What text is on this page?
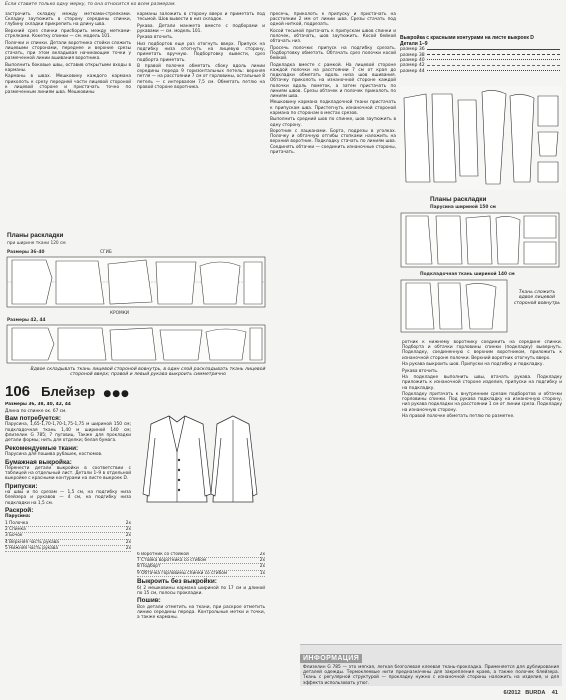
Если ставите только одну мерку, то она относится ко всем размерам.

застрочить складку между метками-стрелками. Складку заутюжить в сторону середины спинки, глубину складки прикрепить на длину шва.

Верхний срез спинки присборить между метками-стрелками. Кокетку спинки — см. модель 101.

Полочки и спинки. Детали воротника стойки сложить лицевыми сторонами, переднее и верхние срезы стачать, при этом вкладывая начинающие точки у размеченной линии вшивания воротника.

Выполнить боковые швы, оставив открытыми входы в карманы.

Карманы в швах. Мешковину каждого кармана приколоть к срезу передней части лицевой стороной к лицевой стороне и пристачать точно по размеченным линиям шва. Мешковины

карманы заложить в сторону вверх и приметать под тесьмой. Шов вывести в низ складок.

Рукава. Детали манжета вместе с подборами и рукавами — см. модель 101.

Рукава вточить.

Низ подбортов еще раз отогнуть вверх. Припуск на подгибку низа отогнуть на лицевую сторону, приметать вручную. Подбортовку вывести, срез подборта приметать.

В правой полочке обметать сбоку вдоль линии середины переда 9 горизонтальных петель: верхняя петля — на расстоянии 7 см от горловины, остальные 8 петель — с интервалом 7,5 см. Обметать петлю на правой стороне воротника.

Планы раскладки
при ширине ткани 120 см
Размеры 36–40	СГИБ
КРОМКИ
Размеры 42, 44
Вдвое складывать ткань лицевой стороной вовнутрь, в один слой раскладывать ткань лицевой стороной вверх; правой и левый рукава выкроить симметрично
106 Блейзер ●●●

Размеры 36, 38, 40, 42, 44

Длина по спинке ок. 67 см.

Вам потребуется:

Парусина, 1,65-1,70-1,70-1,75-1,75 м шириной 150 см; подкладочная ткань 1,40 м шириной 140 см; флизелин G 785; 7 пуговиц. Также для прокладки детали формы; нить для отделки; белая бумага.

Рекомендуемые ткани:

Парусина для пошива рубашек, костюмов.

Бумажная выкройка:

Перенести детали выкройки в соответствии с таблицей на отдельный лист. Детали 1–9 в отдельной выкройке с красными контурами на листе выкроек D.

Припуски:

на швы и по срезам — 1,5 см, на подгибку низа блейзера и рукавов — 4 см, на подгибку низа подкладки на 1,5 см.

Раскрой:

Парусина:

1 Полочка	2x
2 Спинка	2x
3 Бочок	2x
4 Верхняя часть рукава	2x
5 Нижняя часть рукава	2x
6 Воротник со стойкой	2x
7 Стойка воротника со сгибом	2x
8 Подборт	2x
9 Обтачка горловины спинки со сгибом	1x
Выкроить без выкройки:

б) 2 мешковины кармана шириной по 17 см и длиной по 15 см, полосы прокладки.

Пошив:

Все детали отметить на ткани, при раскрое отметить линию середины переда. Контрольные метки и точки, а также карманы.

пресечь, приколоть к припуску и пристачать на расстоянии 2 мм от линии шва. Срезы стачать под одной ниткой, подрезать.

Косой тесьмой притачать к припускам швов спинки и полочек, обтачать, шов заутюжить. Косой бейкой обтачать низ.

Просечь полочки: припуск на подгибку срезать. Подбортовку обметать. Обтачать срез полочки косой бейкой.

Подкладка вместе с рамкой. На лицевой стороне каждой полочки на расстоянии 7 см от края до подкладки обметать вдоль низа шов вшивания. Обтачку приколоть на изнаночной стороне каждой полочки вдоль пометок, а затем пристачать по линиям швов. Срезы обтачек и полочек приколоть по линиям шва.

Мешковину кармана подкладочной ткани пристачать к припускам шва. Пристегнуть изнаночной стороной кармана по сторонам в местах срезов.

Выполнить средний шов по спинке, шов заутюжить в одну сторону.

Воротник с лацканами. Борта, подрезы в уголках. Полочку и обтачную отгибы стопками наложить на верхний воротник. Подкладку стачать по линиям шва. Соединять обтачки — соединить изнаночные стороны, притачать.

Выкройка с красными контурами на листе выкроек D
Детали 1–9
размер 36
размер 38
размер 40
размер 42
размер 44
Планы раскладки
Парусина шириной 150 см
Подкладочная ткань шириной 140 см
Ткань сложить вдвое лицевой стороной вовнутрь

ротник к нижнему воротнику соединить на середине спинки. Подборта и обтачки горловины спинки (подкладку) вывернуть. Подкладку, соединенную с верхним воротником, приложить к изнаночной стороне полочки. Верхний воротник отогнуть вверх.

На рукава выкроить шов. Припуски на подгибку и подкладку.

Рукава вточить.

На подкладке выполнить швы, втачать рукава. Подкладку приложить к изнаночной стороне изделия, припуски на подгибку и на подкладку.

Подкладку притачать к внутренним срезам подборотов и обтачки горловины спинки. Под рукава подкладку на изнаночную сторону, низ рукава подкладки на расстоянии 1 см от линии среза. Подкладку на изнаночную сторону.

На правой полочке обметать петлю по разметке.

ИНФОРМАЦИЯ

Флизелин G 785 — это мягкая, легкая безголевая клеевая ткань-прокладка. Применяется для дублирования деталей одежды. Термоклеевые нити предназначены для закрепления краев, а также полочек блейзера. Ткань с регулярной структурой — прокладку нужно с изнаночной стороны наложить на изделия, и для эффекта использовать утюг.

6/2012 BURDA 41
